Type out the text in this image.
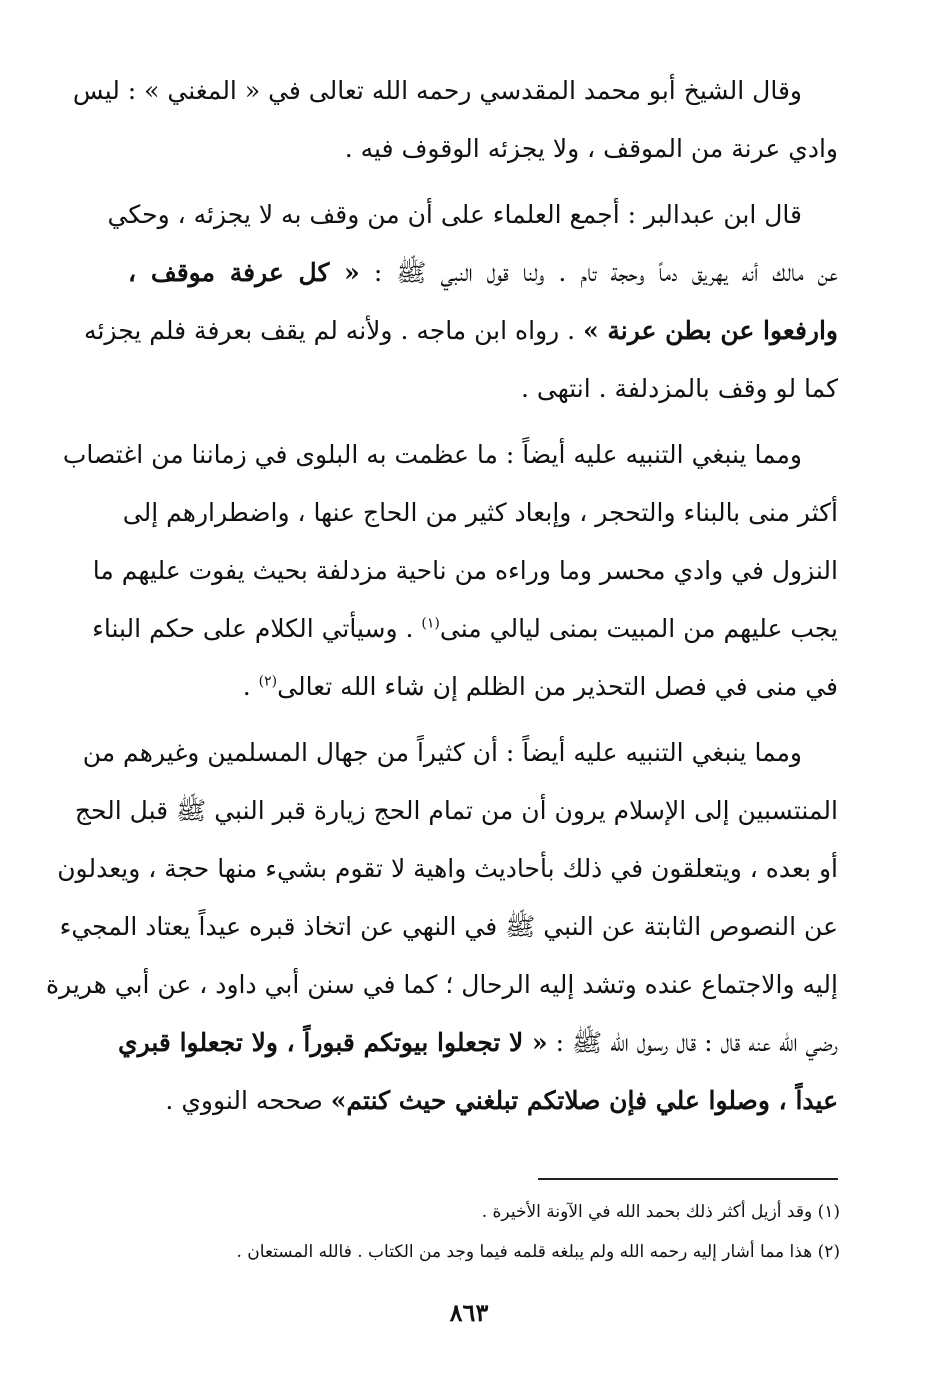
وقال الشيخ أبو محمد المقدسي رحمه الله تعالى في « المغني » : ليس
وادي عرنة من الموقف ، ولا يجزئه الوقوف فيه .
قال ابن عبدالبر : أجمع العلماء على أن من وقف به لا يجزئه ، وحكي
عن مالك أنه يهريق دماً وحجة تام . ولنا قول النبي ﷺ : « كل عرفة موقف ،
وارفعوا عن بطن عرنة » . رواه ابن ماجه . ولأنه لم يقف بعرفة فلم يجزئه
كما لو وقف بالمزدلفة . انتهى .
ومما ينبغي التنبيه عليه أيضاً : ما عظمت به البلوى في زماننا من اغتصاب
أكثر منى بالبناء والتحجر ، وإبعاد كثير من الحاج عنها ، واضطرارهم إلى
النزول في وادي محسر وما وراءه من ناحية مزدلفة بحيث يفوت عليهم ما
يجب عليهم من المبيت بمنى ليالي منى$^{(١)}$ . وسيأتي الكلام على حكم البناء
في منى في فصل التحذير من الظلم إن شاء الله تعالى$^{(٢)}$ .
ومما ينبغي التنبيه عليه أيضاً : أن كثيراً من جهال المسلمين وغيرهم من
المنتسبين إلى الإسلام يرون أن من تمام الحج زيارة قبر النبي ﷺ قبل الحج
أو بعده ، ويتعلقون في ذلك بأحاديث واهية لا تقوم بشيء منها حجة ، ويعدلون
عن النصوص الثابتة عن النبي ﷺ في النهي عن اتخاذ قبره عيداً يعتاد المجيء
إليه والاجتماع عنده وتشد إليه الرحال ؛ كما في سنن أبي داود ، عن أبي هريرة
رضي الله عنه قال : قال رسول الله ﷺ : « لا تجعلوا بيوتكم قبوراً ، ولا تجعلوا قبري
عيداً ، وصلوا علي فإن صلاتكم تبلغني حيث كنتم» صححه النووي .
(١) وقد أزيل أكثر ذلك بحمد الله في الآونة الأخيرة .
(٢) هذا مما أشار إليه رحمه الله ولم يبلغه قلمه فيما وجد من الكتاب . فالله المستعان .
٨٦٣
